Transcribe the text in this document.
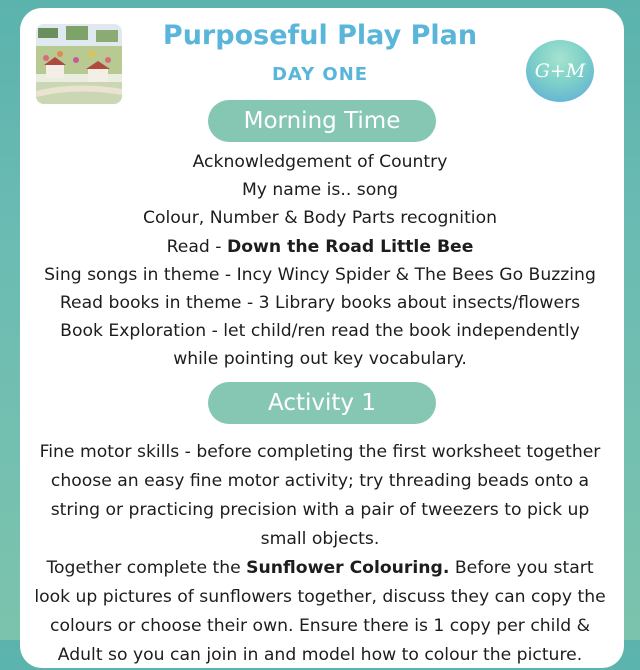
Purposeful Play Plan
DAY ONE	G+M
Morning Time
Acknowledgement of Country
My name is.. song
Colour, Number & Body Parts recognition
Read - Down the Road Little Bee
Sing songs in theme - Incy Wincy Spider & The Bees Go Buzzing
Read books in theme - 3 Library books about insects/flowers
Book Exploration - let child/ren read the book independently
while pointing out key vocabulary.
Activity 1
Fine motor skills - before completing the first worksheet together
choose an easy fine motor activity; try threading beads onto a
string or practicing precision with a pair of tweezers to pick up
small objects.
Together complete the Sunflower Colouring. Before you start
look up pictures of sunflowers together, discuss they can copy the
colours or choose their own. Ensure there is 1 copy per child &
Adult so you can join in and model how to colour the picture.
